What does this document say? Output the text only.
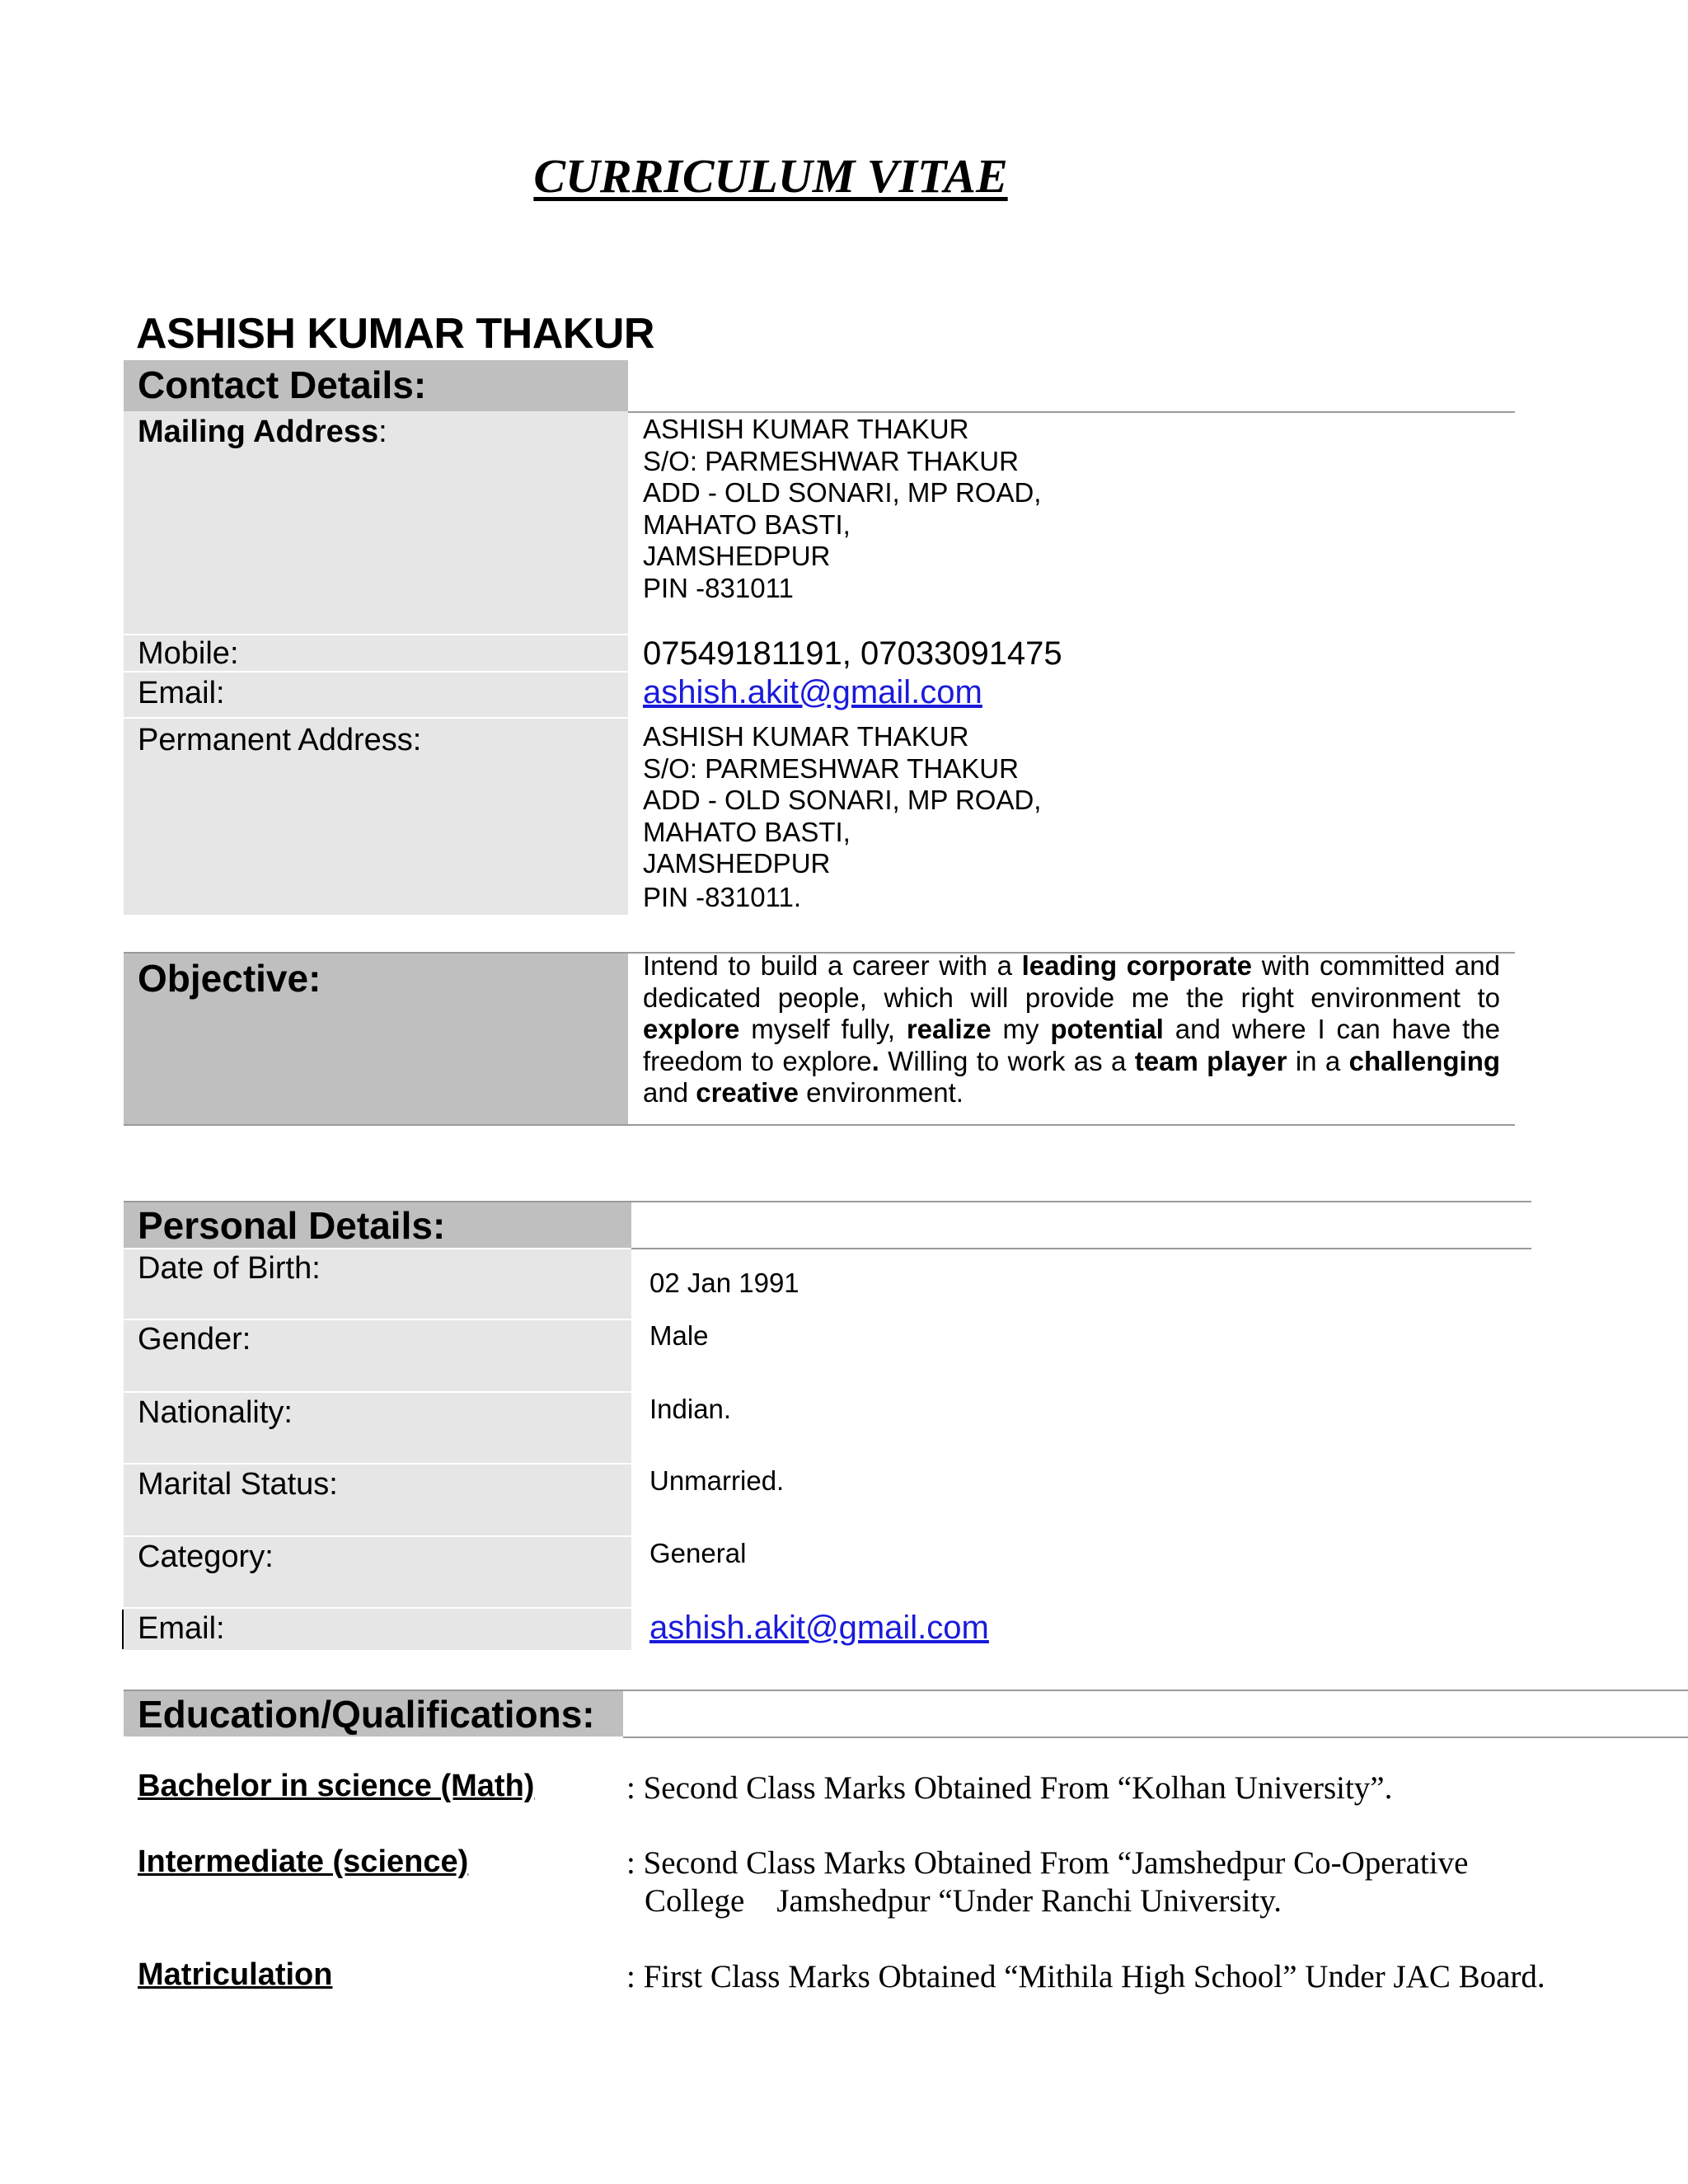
CURRICULUM VITAE
ASHISH KUMAR THAKUR
Contact Details:
Mailing Address:	ASHISH KUMAR THAKUR
S/O: PARMESHWAR THAKUR
ADD - OLD SONARI, MP ROAD,
MAHATO BASTI,
JAMSHEDPUR
PIN -831011
Mobile:	07549181191, 07033091475
Email:	ashish.akit@gmail.com
Permanent Address:	ASHISH KUMAR THAKUR
S/O: PARMESHWAR THAKUR
ADD - OLD SONARI, MP ROAD,
MAHATO BASTI,
JAMSHEDPUR
PIN -831011.
Objective:	Intend to build a career with a leading corporate with committed and dedicated people, which will provide me the right environment to explore myself fully, realize my potential and where I can have the freedom to explore. Willing to work as a team player in a challenging and creative environment.
Personal Details:
Date of Birth:	02 Jan 1991
Gender:	Male
Nationality:	Indian.
Marital Status:	Unmarried.
Category:	General
Email:	ashish.akit@gmail.com
Education/Qualifications:
Bachelor in science (Math)	: Second Class Marks Obtained From “Kolhan University”.
Intermediate (science)	: Second Class Marks Obtained From “Jamshedpur Co-Operative
College    Jamshedpur “Under Ranchi University.
Matriculation	: First Class Marks Obtained “Mithila High School” Under JAC Board.
